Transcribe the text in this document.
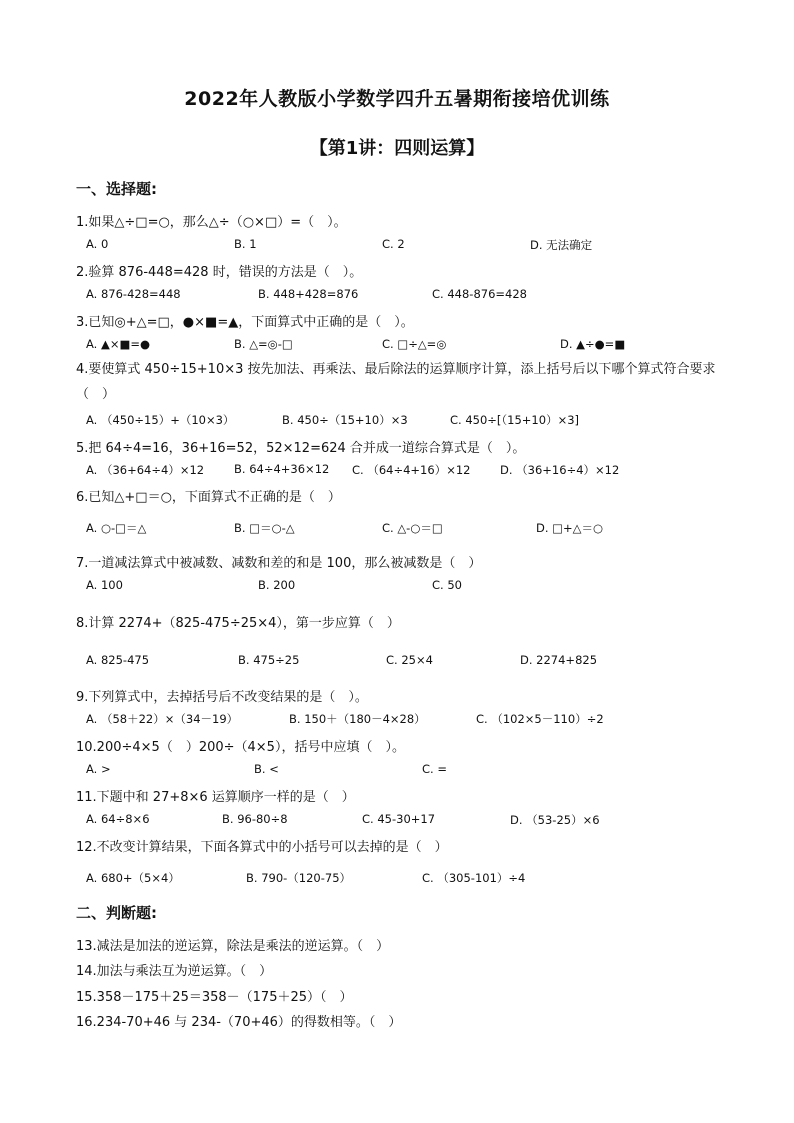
2022年人教版小学数学四升五暑期衔接培优训练
【第1讲：四则运算】
一、选择题:
1.如果△÷□=○，那么△÷（○×□）=（　）。
A. 0	B. 1	C. 2	D. 无法确定
2.验算 876-448=428 时，错误的方法是（　）。
A. 876-428=448	B. 448+428=876	C. 448-876=428
3.已知◎+△=□，●×■=▲，下面算式中正确的是（　）。
A. ▲×■=●	B. △=◎-□	C. □÷△=◎	D. ▲÷●=■
4.要使算式 450÷15+10×3 按先加法、再乘法、最后除法的运算顺序计算，添上括号后以下哪个算式符合要求（　）
A. （450÷15）+（10×3）	B. 450÷（15+10）×3	C. 450÷[（15+10）×3]
5.把 64÷4=16，36+16=52，52×12=624 合并成一道综合算式是（　）。
A. （36+64÷4）×12	B. 64÷4+36×12 C. （64÷4+16）×12	D. （36+16÷4）×12
6.已知△+□＝○，下面算式不正确的是（　）
A. ○-□＝△	B. □＝○-△	C. △-○＝□	D. □+△＝○
7.一道减法算式中被减数、减数和差的和是 100，那么被减数是（　）
A. 100	B. 200	C. 50
8.计算 2274+（825-475÷25×4），第一步应算（　）
A. 825-475	B. 475÷25	C. 25×4	D. 2274+825
9.下列算式中，去掉括号后不改变结果的是（　）。
A. （58＋22）×（34－19）	B. 150＋（180－4×28）	C. （102×5－110）÷2
10.200÷4×5（　）200÷（4×5），括号中应填（　）。
A. >	B. <	C. =
11.下题中和 27+8×6 运算顺序一样的是（　）
A. 64÷8×6	B. 96-80÷8	C. 45-30+17	D. （53-25）×6
12.不改变计算结果，下面各算式中的小括号可以去掉的是（　）
A. 680+（5×4）	B. 790-（120-75）	C. （305-101）÷4
二、判断题:
13.减法是加法的逆运算，除法是乘法的逆运算。（　）
14.加法与乘法互为逆运算。（　）
15.358－175＋25＝358－（175＋25）（　）
16.234-70+46 与 234-（70+46）的得数相等。（　）
